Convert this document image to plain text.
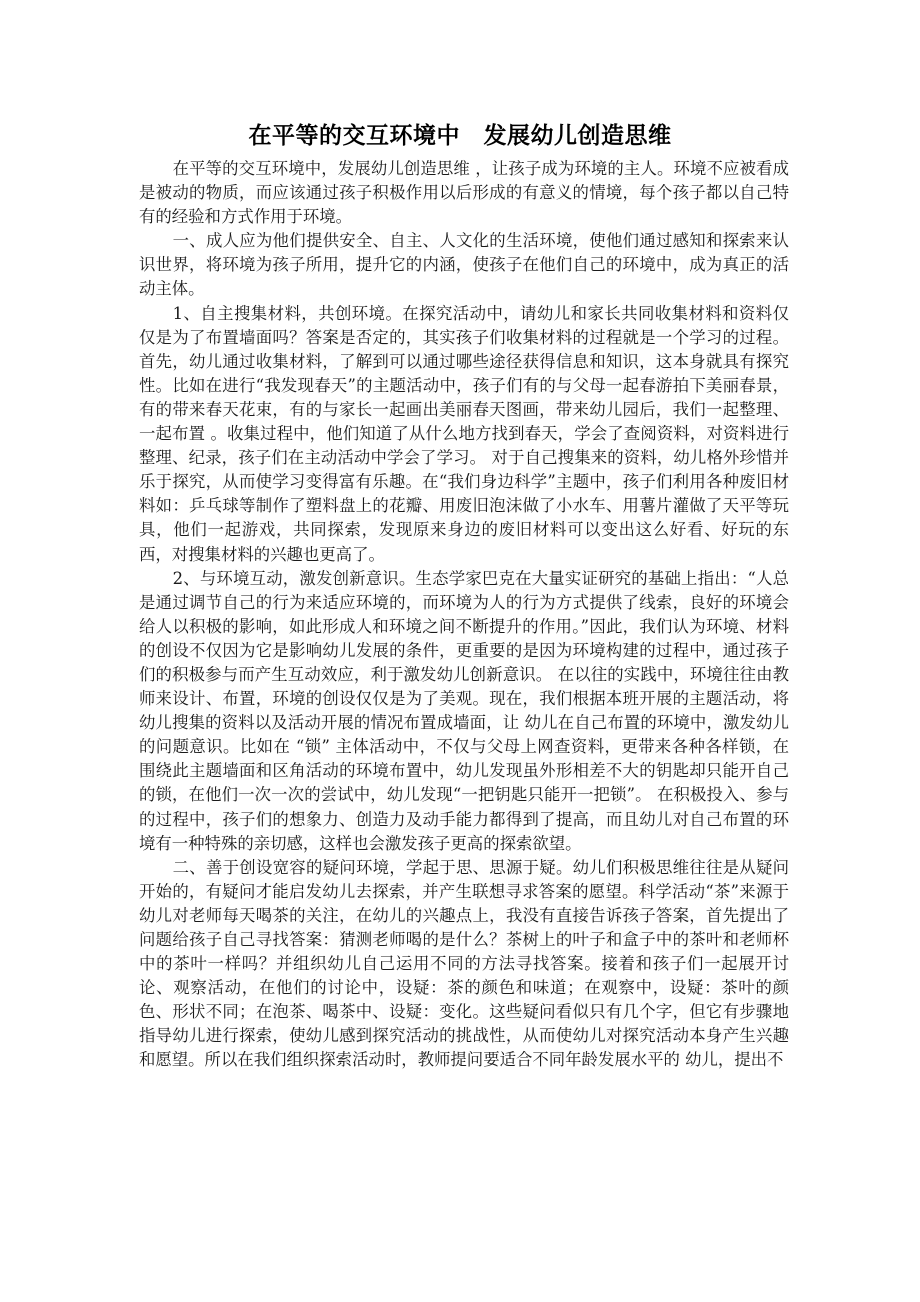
在平等的交互环境中　发展幼儿创造思维

在平等的交互环境中，发展幼儿创造思维 ，让孩子成为环境的主人。环境不应被看成是被动的物质，而应该通过孩子积极作用以后形成的有意义的情境，每个孩子都以自己特有的经验和方式作用于环境。

一、成人应为他们提供安全、自主、人文化的生活环境，使他们通过感知和探索来认识世界，将环境为孩子所用，提升它的内涵，使孩子在他们自己的环境中，成为真正的活动主体。

1、自主搜集材料，共创环境。在探究活动中，请幼儿和家长共同收集材料和资料仅仅是为了布置墙面吗？答案是否定的，其实孩子们收集材料的过程就是一个学习的过程。首先，幼儿通过收集材料，了解到可以通过哪些途径获得信息和知识，这本身就具有探究性。比如在进行“我发现春天”的主题活动中，孩子们有的与父母一起春游拍下美丽春景，有的带来春天花束，有的与家长一起画出美丽春天图画，带来幼儿园后，我们一起整理、一起布置 。收集过程中，他们知道了从什么地方找到春天，学会了查阅资料，对资料进行整理、纪录，孩子们在主动活动中学会了学习。 对于自己搜集来的资料，幼儿格外珍惜并乐于探究，从而使学习变得富有乐趣。在“我们身边科学”主题中，孩子们利用各种废旧材料如：乒乓球等制作了塑料盘上的花瓣、用废旧泡沫做了小水车、用薯片灌做了天平等玩具，他们一起游戏，共同探索，发现原来身边的废旧材料可以变出这么好看、好玩的东西，对搜集材料的兴趣也更高了。

2、与环境互动，激发创新意识。生态学家巴克在大量实证研究的基础上指出：“人总是通过调节自己的行为来适应环境的，而环境为人的行为方式提供了线索，良好的环境会给人以积极的影响，如此形成人和环境之间不断提升的作用。”因此，我们认为环境、材料的创设不仅因为它是影响幼儿发展的条件，更重要的是因为环境构建的过程中，通过孩子们的积极参与而产生互动效应，利于激发幼儿创新意识。 在以往的实践中，环境往往由教师来设计、布置，环境的创设仅仅是为了美观。现在，我们根据本班开展的主题活动，将幼儿搜集的资料以及活动开展的情况布置成墙面，让 幼儿在自己布置的环境中，激发幼儿的问题意识。比如在 “锁” 主体活动中，不仅与父母上网查资料，更带来各种各样锁，在围绕此主题墙面和区角活动的环境布置中，幼儿发现虽外形相差不大的钥匙却只能开自己的锁，在他们一次一次的尝试中，幼儿发现“一把钥匙只能开一把锁”。 在积极投入、参与的过程中，孩子们的想象力、创造力及动手能力都得到了提高，而且幼儿对自己布置的环境有一种特殊的亲切感，这样也会激发孩子更高的探索欲望。

二、善于创设宽容的疑问环境，学起于思、思源于疑。幼儿们积极思维往往是从疑问开始的，有疑问才能启发幼儿去探索，并产生联想寻求答案的愿望。科学活动“茶”来源于幼儿对老师每天喝茶的关注，在幼儿的兴趣点上，我没有直接告诉孩子答案，首先提出了问题给孩子自己寻找答案：猜测老师喝的是什么？茶树上的叶子和盒子中的茶叶和老师杯中的茶叶一样吗？并组织幼儿自己运用不同的方法寻找答案。接着和孩子们一起展开讨论、观察活动，在他们的讨论中，设疑：茶的颜色和味道；在观察中，设疑：茶叶的颜色、形状不同；在泡茶、喝茶中、设疑：变化。这些疑问看似只有几个字，但它有步骤地指导幼儿进行探索，使幼儿感到探究活动的挑战性，从而使幼儿对探究活动本身产生兴趣和愿望。所以在我们组织探索活动时，教师提问要适合不同年龄发展水平的 幼儿，提出不
